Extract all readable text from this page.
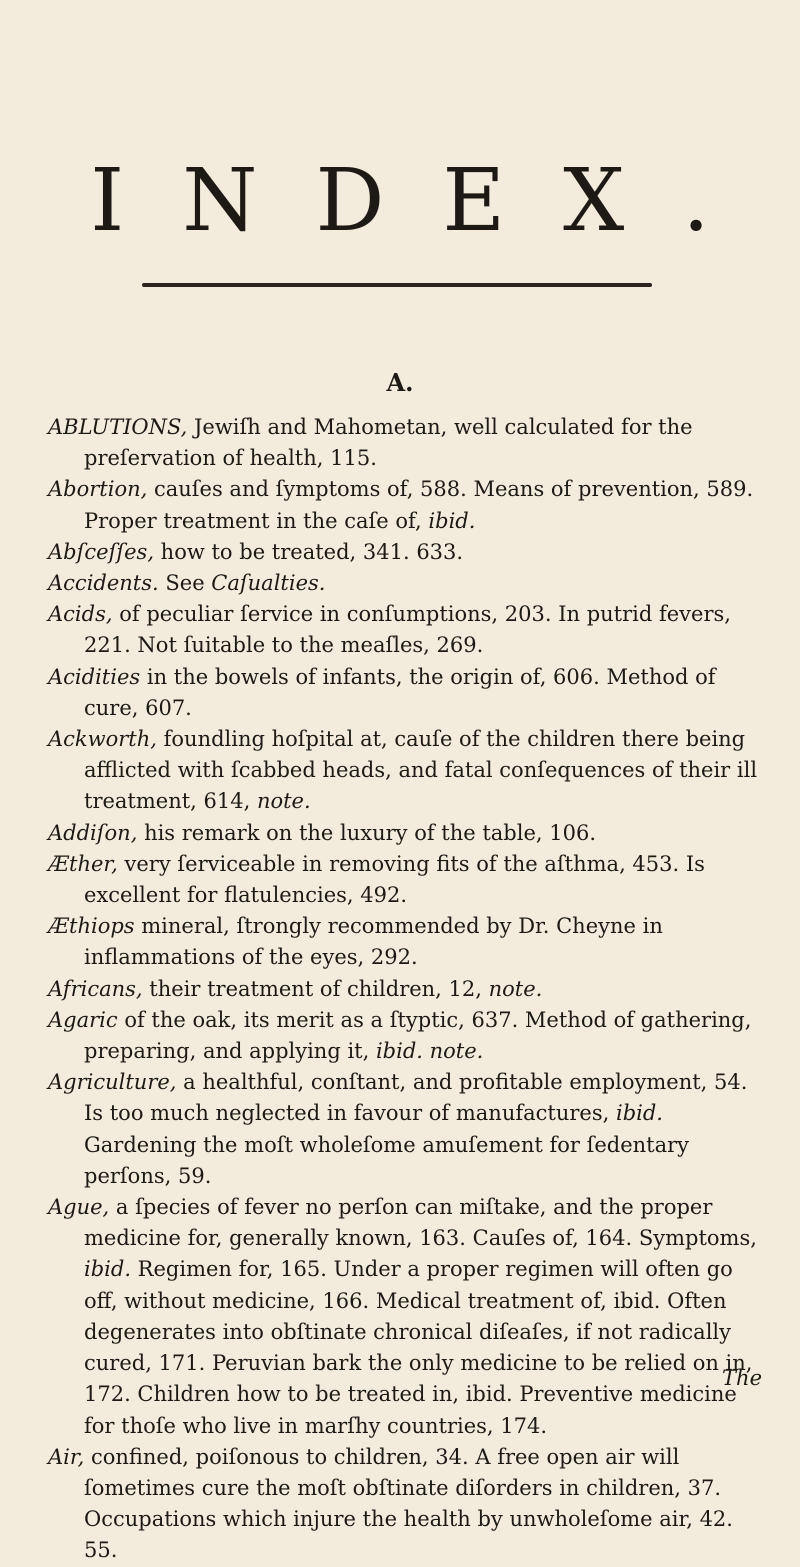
INDEX.
A.

ABLUTIONS, Jewiſh and Mahometan, well calculated for the preſervation of health, 115.

Abortion, cauſes and ſymptoms of, 588. Means of prevention, 589. Proper treatment in the caſe of, ibid.

Abſceſſes, how to be treated, 341. 633.

Accidents. See Caſualties.

Acids, of peculiar ſervice in conſumptions, 203. In putrid fevers, 221. Not ſuitable to the meaſles, 269.

Acidities in the bowels of infants, the origin of, 606. Method of cure, 607.

Ackworth, foundling hoſpital at, cauſe of the children there being afflicted with ſcabbed heads, and fatal conſequences of their ill treatment, 614, note.

Addiſon, his remark on the luxury of the table, 106.

Æther, very ſerviceable in removing fits of the aſthma, 453. Is excellent for flatulencies, 492.

Æthiops mineral, ſtrongly recommended by Dr. Cheyne in inflammations of the eyes, 292.

Africans, their treatment of children, 12, note.

Agaric of the oak, its merit as a ſtyptic, 637. Method of gathering, preparing, and applying it, ibid. note.

Agriculture, a healthful, conſtant, and profitable employment, 54. Is too much neglected in favour of manufactures, ibid. Gardening the moſt wholeſome amuſement for ſedentary perſons, 59.

Ague, a ſpecies of fever no perſon can miſtake, and the proper medicine for, generally known, 163. Cauſes of, 164. Symptoms, ibid. Regimen for, 165. Under a proper regimen will often go off, without medicine, 166. Medical treatment of, ibid. Often degenerates into obſtinate chronical diſeaſes, if not radically cured, 171. Peruvian bark the only medicine to be relied on in, 172. Children how to be treated in, ibid. Preventive medicine for thoſe who live in marſhy countries, 174.

Air, confined, poiſonous to children, 34. A free open air will ſometimes cure the moſt obſtinate diſorders in children, 37. Occupations which injure the health by unwholeſome air, 42. 55.

The
